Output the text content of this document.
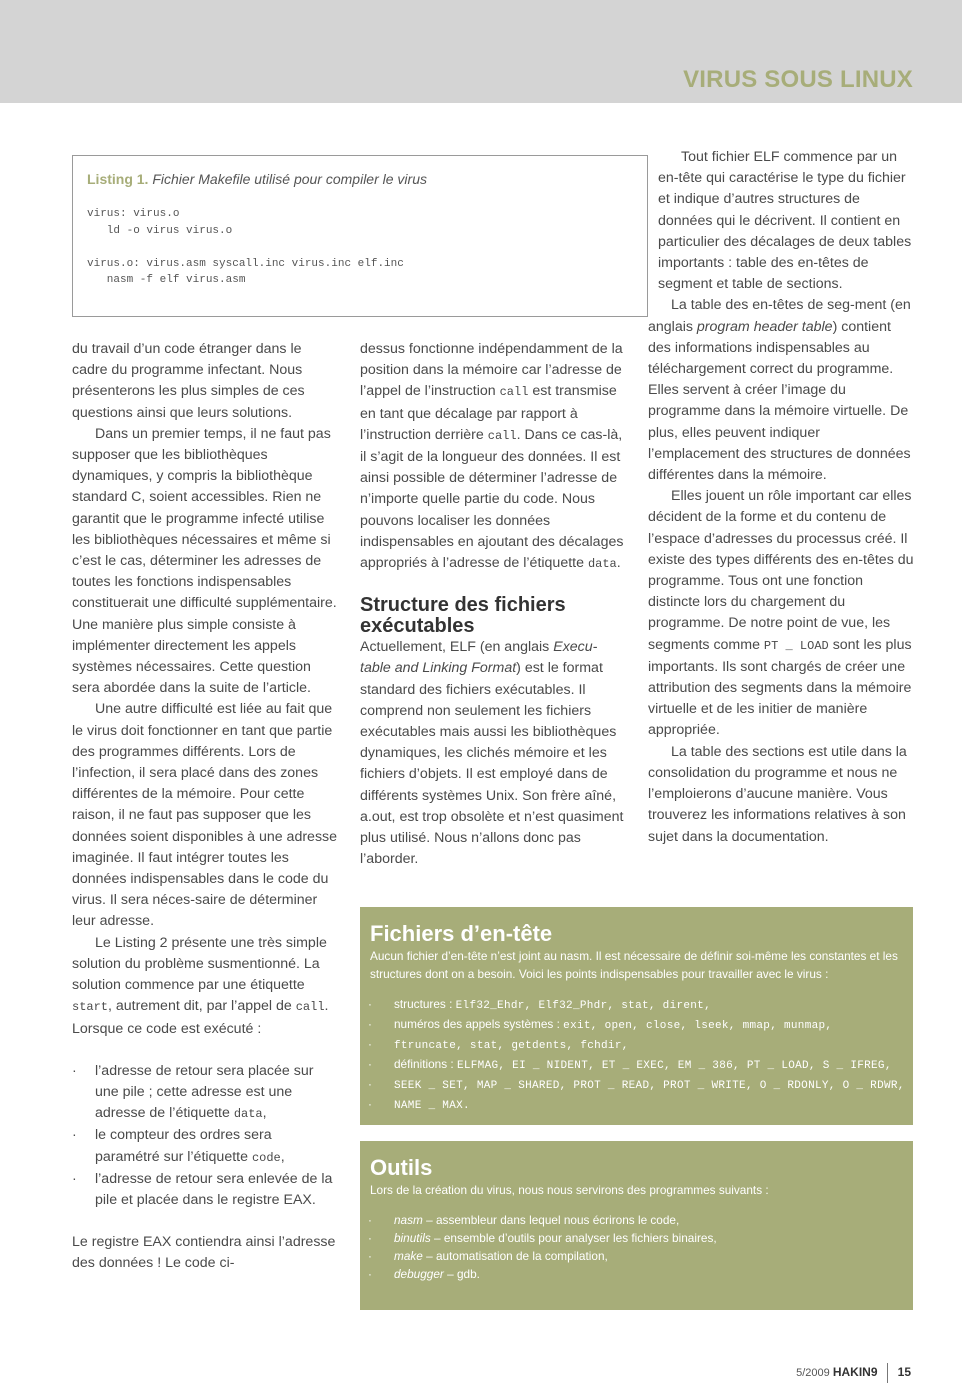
VIRUS SOUS LINUX
Listing 1. Fichier Makefile utilisé pour compiler le virus
virus: virus.o
ld -o virus virus.o

virus.o: virus.asm syscall.inc virus.inc elf.inc
nasm -f elf virus.asm

du travail d’un code étranger dans le cadre du programme infectant. Nous présenterons les plus simples de ces questions ainsi que leurs solutions.

Dans un premier temps, il ne faut pas supposer que les bibliothèques dynamiques, y compris la bibliothèque standard C, soient accessibles. Rien ne garantit que le programme infecté utilise les bibliothèques nécessaires et même si c’est le cas, déterminer les adresses de toutes les fonctions indispensables constituerait une difficulté supplémentaire. Une manière plus simple consiste à implémenter directement les appels systèmes nécessaires. Cette question sera abordée dans la suite de l’article.

Une autre difficulté est liée au fait que le virus doit fonctionner en tant que partie des programmes différents. Lors de l’infection, il sera placé dans des zones différentes de la mémoire. Pour cette raison, il ne faut pas supposer que les données soient disponibles à une adresse imaginée. Il faut intégrer toutes les données indispensables dans le code du virus. Il sera néces-saire de déterminer leur adresse.

Le Listing 2 présente une très simple solution du problème susmentionné. La solution commence par une étiquette start, autrement dit, par l’appel de call. Lorsque ce code est exécuté :

· l’adresse de retour sera placée sur une pile ; cette adresse est une adresse de l’étiquette data,

· le compteur des ordres sera paramétré sur l’étiquette code,

· l’adresse de retour sera enlevée de la pile et placée dans le registre EAX.

Le registre EAX contiendra ainsi l’adresse des données ! Le code ci-

dessus fonctionne indépendamment de la position dans la mémoire car l’adresse de l’appel de l’instruction call est transmise en tant que décalage par rapport à l’instruction derrière call. Dans ce cas-là, il s’agit de la longueur des données. Il est ainsi possible de déterminer l’adresse de n’importe quelle partie du code. Nous pouvons localiser les données indispensables en ajoutant des décalages appropriés à l’adresse de l’étiquette data.

Structure des fichiers exécutables

Actuellement, ELF (en anglais Execu-table and Linking Format) est le format standard des fichiers exécutables. Il comprend non seulement les fichiers exécutables mais aussi les bibliothèques dynamiques, les clichés mémoire et les fichiers d’objets. Il est employé dans de différents systèmes Unix. Son frère aîné, a.out, est trop obsolète et n’est quasiment plus utilisé. Nous n’allons donc pas l’aborder.

Tout fichier ELF commence par un en-tête qui caractérise le type du fichier et indique d’autres structures de données qui le décrivent. Il contient en particulier des décalages de deux tables importants : table des en-têtes de segment et table de sections.

La table des en-têtes de seg-ment (en anglais program header table) contient des informations indispensables au téléchargement correct du programme. Elles servent à créer l’image du programme dans la mémoire virtuelle. De plus, elles peuvent indiquer l’emplacement des structures de données différentes dans la mémoire.

Elles jouent un rôle important car elles décident de la forme et du contenu de l’espace d’adresses du processus créé. Il existe des types différents des en-têtes du programme. Tous ont une fonction distincte lors du chargement du programme. De notre point de vue, les segments comme PT _ LOAD sont les plus importants. Ils sont chargés de créer une attribution des segments dans la mémoire virtuelle et de les initier de manière appropriée.

La table des sections est utile dans la consolidation du programme et nous ne l’emploierons d’aucune manière. Vous trouverez les informations relatives à son sujet dans la documentation.

Fichiers d’en-tête
Aucun fichier d’en-tête n’est joint au nasm. Il est nécessaire de définir soi-même les constantes et les structures dont on a besoin. Voici les points indispensables pour travailler avec le virus :
· structures : Elf32_Ehdr, Elf32_Phdr, stat, dirent,
· numéros des appels systèmes : exit, open, close, lseek, mmap, munmap,
· ftruncate, stat, getdents, fchdir,
· définitions : ELFMAG, EI _ NIDENT, ET _ EXEC, EM _ 386, PT _ LOAD, S _ IFREG,
· SEEK _ SET, MAP _ SHARED, PROT _ READ, PROT _ WRITE, O _ RDONLY, O _ RDWR,
· NAME _ MAX.
Outils
Lors de la création du virus, nous nous servirons des programmes suivants :
· nasm – assembleur dans lequel nous écrirons le code,
· binutils – ensemble d’outils pour analyser les fichiers binaires,
· make – automatisation de la compilation,
· debugger – gdb.
5/2009 HAKIN9 15
